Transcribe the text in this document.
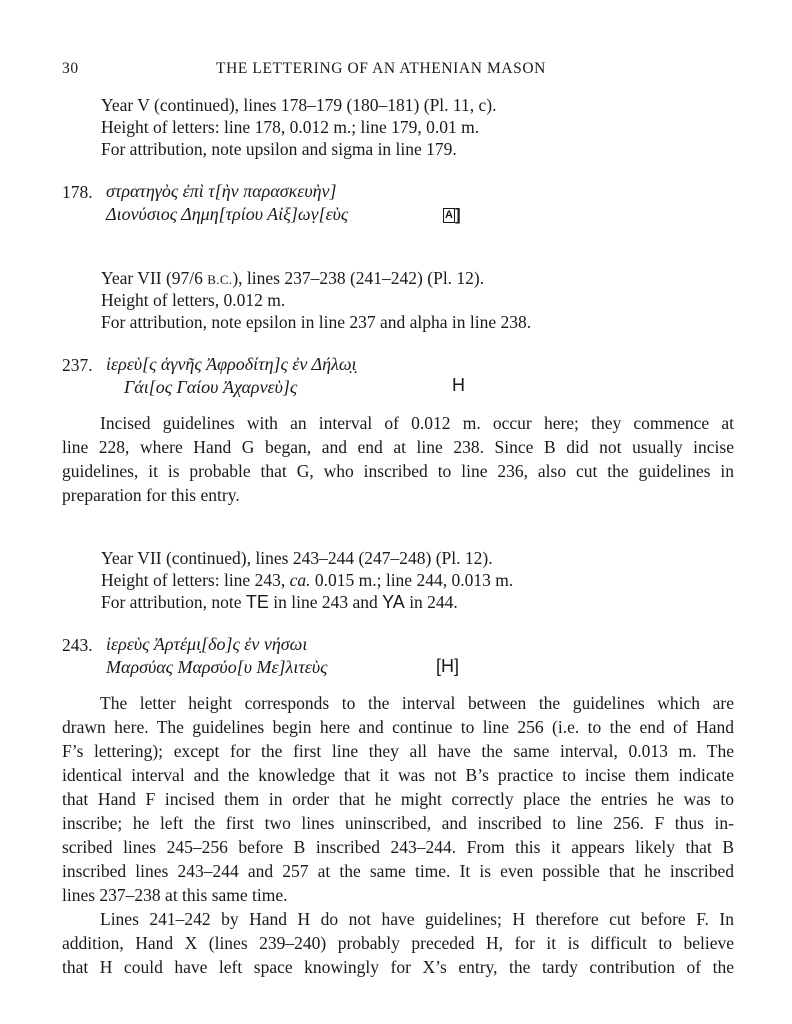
30	THE LETTERING OF AN ATHENIAN MASON
Year V (continued), lines 178–179 (180–181) (Pl. 11, c).
Height of letters: line 178, 0.012 m.; line 179, 0.01 m.
For attribution, note upsilon and sigma in line 179.
178. στρατηγὸς ἐπὶ τ[ὴν παρασκευὴν]
Διονύσιος Δημη[τρίου Αἰξ]ωṿ[εὺς	A ]
Year VII (97/6 B.C.), lines 237–238 (241–242) (Pl. 12).
Height of letters, 0.012 m.
For attribution, note epsilon in line 237 and alpha in line 238.
237. ἱερεὺ[ς ἁγνῆς Ἀφροδίτη]ς ἐν Δήλω̣ι̣
Γάι[ος Γαίου Ἀχαρνεὺ]ς	H
Incised guidelines with an interval of 0.012 m. occur here; they commence at
line 228, where Hand G began, and end at line 238. Since B did not usually incise
guidelines, it is probable that G, who inscribed to line 236, also cut the guidelines in
preparation for this entry.
Year VII (continued), lines 243–244 (247–248) (Pl. 12).
Height of letters: line 243, ca. 0.015 m.; line 244, 0.013 m.
For attribution, note TE in line 243 and YA in 244.
243. ἱερεὺς Ἀρτέμι̣[δο]ς ἐν νήσωι
Μαρσύας Μαρσύο[υ Με]λιτεὺς	[H]
The letter height corresponds to the interval between the guidelines which are
drawn here. The guidelines begin here and continue to line 256 (i.e. to the end of Hand
F’s lettering); except for the first line they all have the same interval, 0.013 m. The
identical interval and the knowledge that it was not B’s practice to incise them indicate
that Hand F incised them in order that he might correctly place the entries he was to
inscribe; he left the first two lines uninscribed, and inscribed to line 256. F thus in-
scribed lines 245–256 before B inscribed 243–244. From this it appears likely that B
inscribed lines 243–244 and 257 at the same time. It is even possible that he inscribed
lines 237–238 at this same time.
Lines 241–242 by Hand H do not have guidelines; H therefore cut before F. In
addition, Hand X (lines 239–240) probably preceded H, for it is difficult to believe
that H could have left space knowingly for X’s entry, the tardy contribution of the
